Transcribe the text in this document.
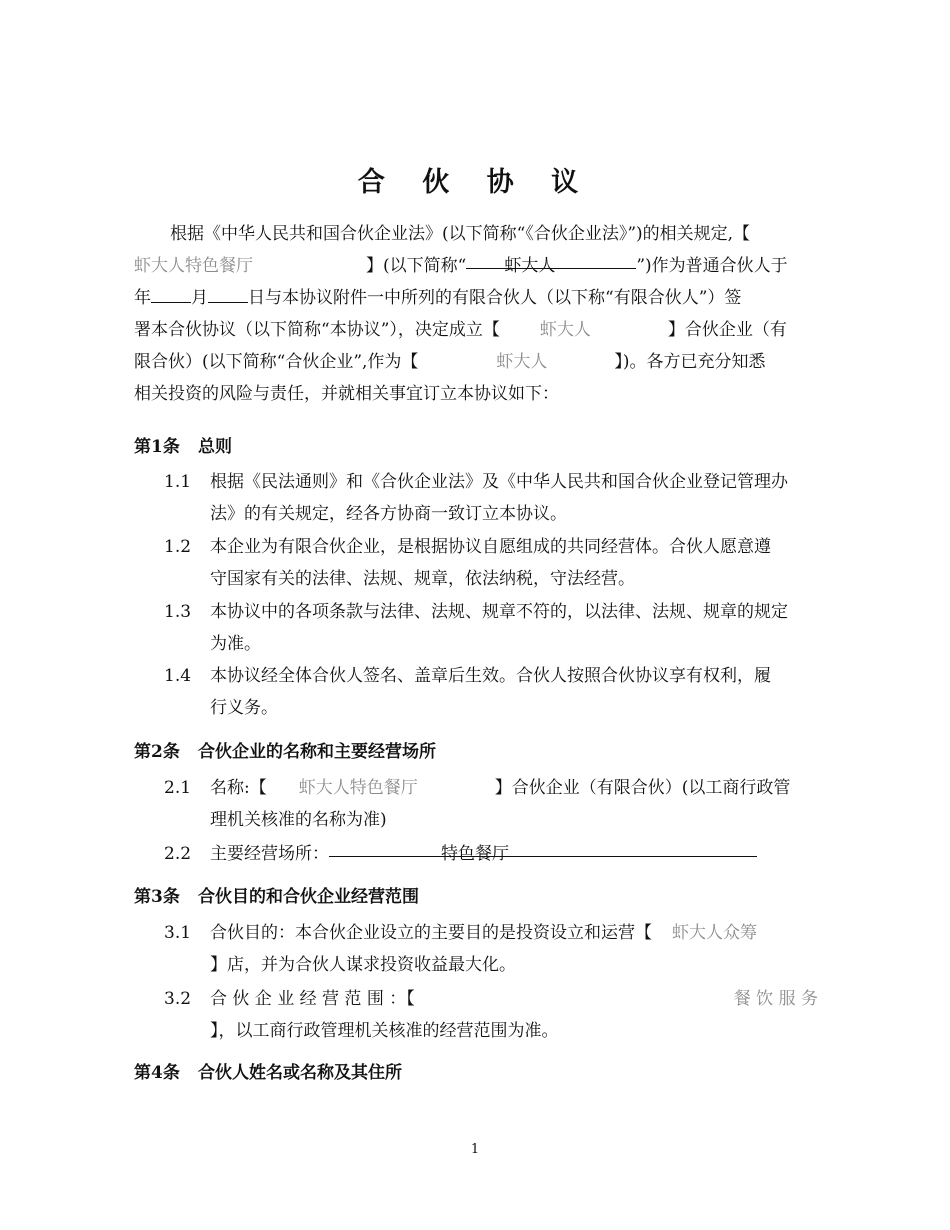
合 伙 协 议
根据《中华人民共和国合伙企业法》(以下简称“《合伙企业法》”)的相关规定,【
虾大人特色餐厅	】(以下简称“ 虾大人	”)作为普通合伙人于
年 月 日与本协议附件一中所列的有限合伙人（以下称“有限合伙人”）签
署本合伙协议（以下简称“本协议”），决定成立【 虾大人	】合伙企业（有
限合伙）(以下简称“合伙企业”,作为【	虾大人	】)。各方已充分知悉
相关投资的风险与责任，并就相关事宜订立本协议如下：
第1条 总则
1.1	根据《民法通则》和《合伙企业法》及《中华人民共和国合伙企业登记管理办
法》的有关规定，经各方协商一致订立本协议。
1.2	本企业为有限合伙企业，是根据协议自愿组成的共同经营体。合伙人愿意遵
守国家有关的法律、法规、规章，依法纳税，守法经营。
1.3	本协议中的各项条款与法律、法规、规章不符的，以法律、法规、规章的规定
为准。
1.4	本协议经全体合伙人签名、盖章后生效。合伙人按照合伙协议享有权利，履
行义务。
第2条 合伙企业的名称和主要经营场所
2.1	名称:【 虾大人特色餐厅	】合伙企业（有限合伙）(以工商行政管
理机关核准的名称为准)
2.2	主要经营场所：	特色餐厅
第3条 合伙目的和合伙企业经营范围
3.1	合伙目的：本合伙企业设立的主要目的是投资设立和运营【 虾大人众筹
】店，并为合伙人谋求投资收益最大化。
3.2	合 伙 企 业 经 营 范 围 ：【	餐 饮 服 务
】，以工商行政管理机关核准的经营范围为准。
第4条 合伙人姓名或名称及其住所
1
